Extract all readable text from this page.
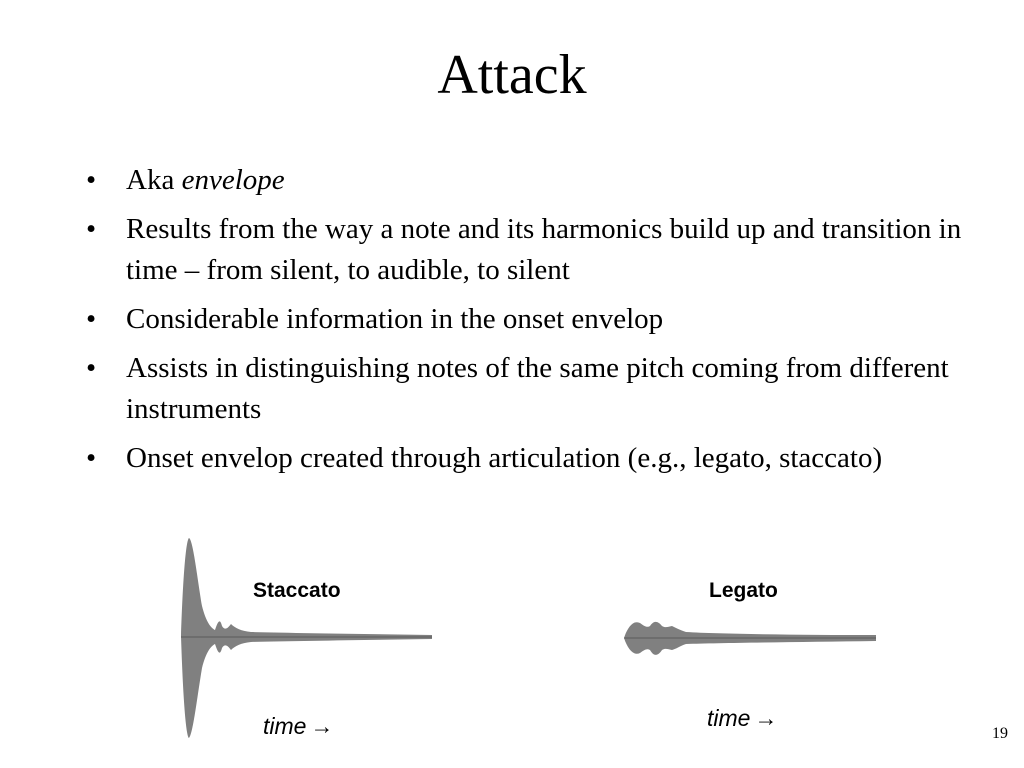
Attack
• Aka envelope
• Results from the way a note and its harmonics build up and transition in time – from silent, to audible, to silent
• Considerable information in the onset envelop
• Assists in distinguishing notes of the same pitch coming from different instruments
• Onset envelop created through articulation (e.g., legato, staccato)
Staccato
time →
Legato
time →
19
